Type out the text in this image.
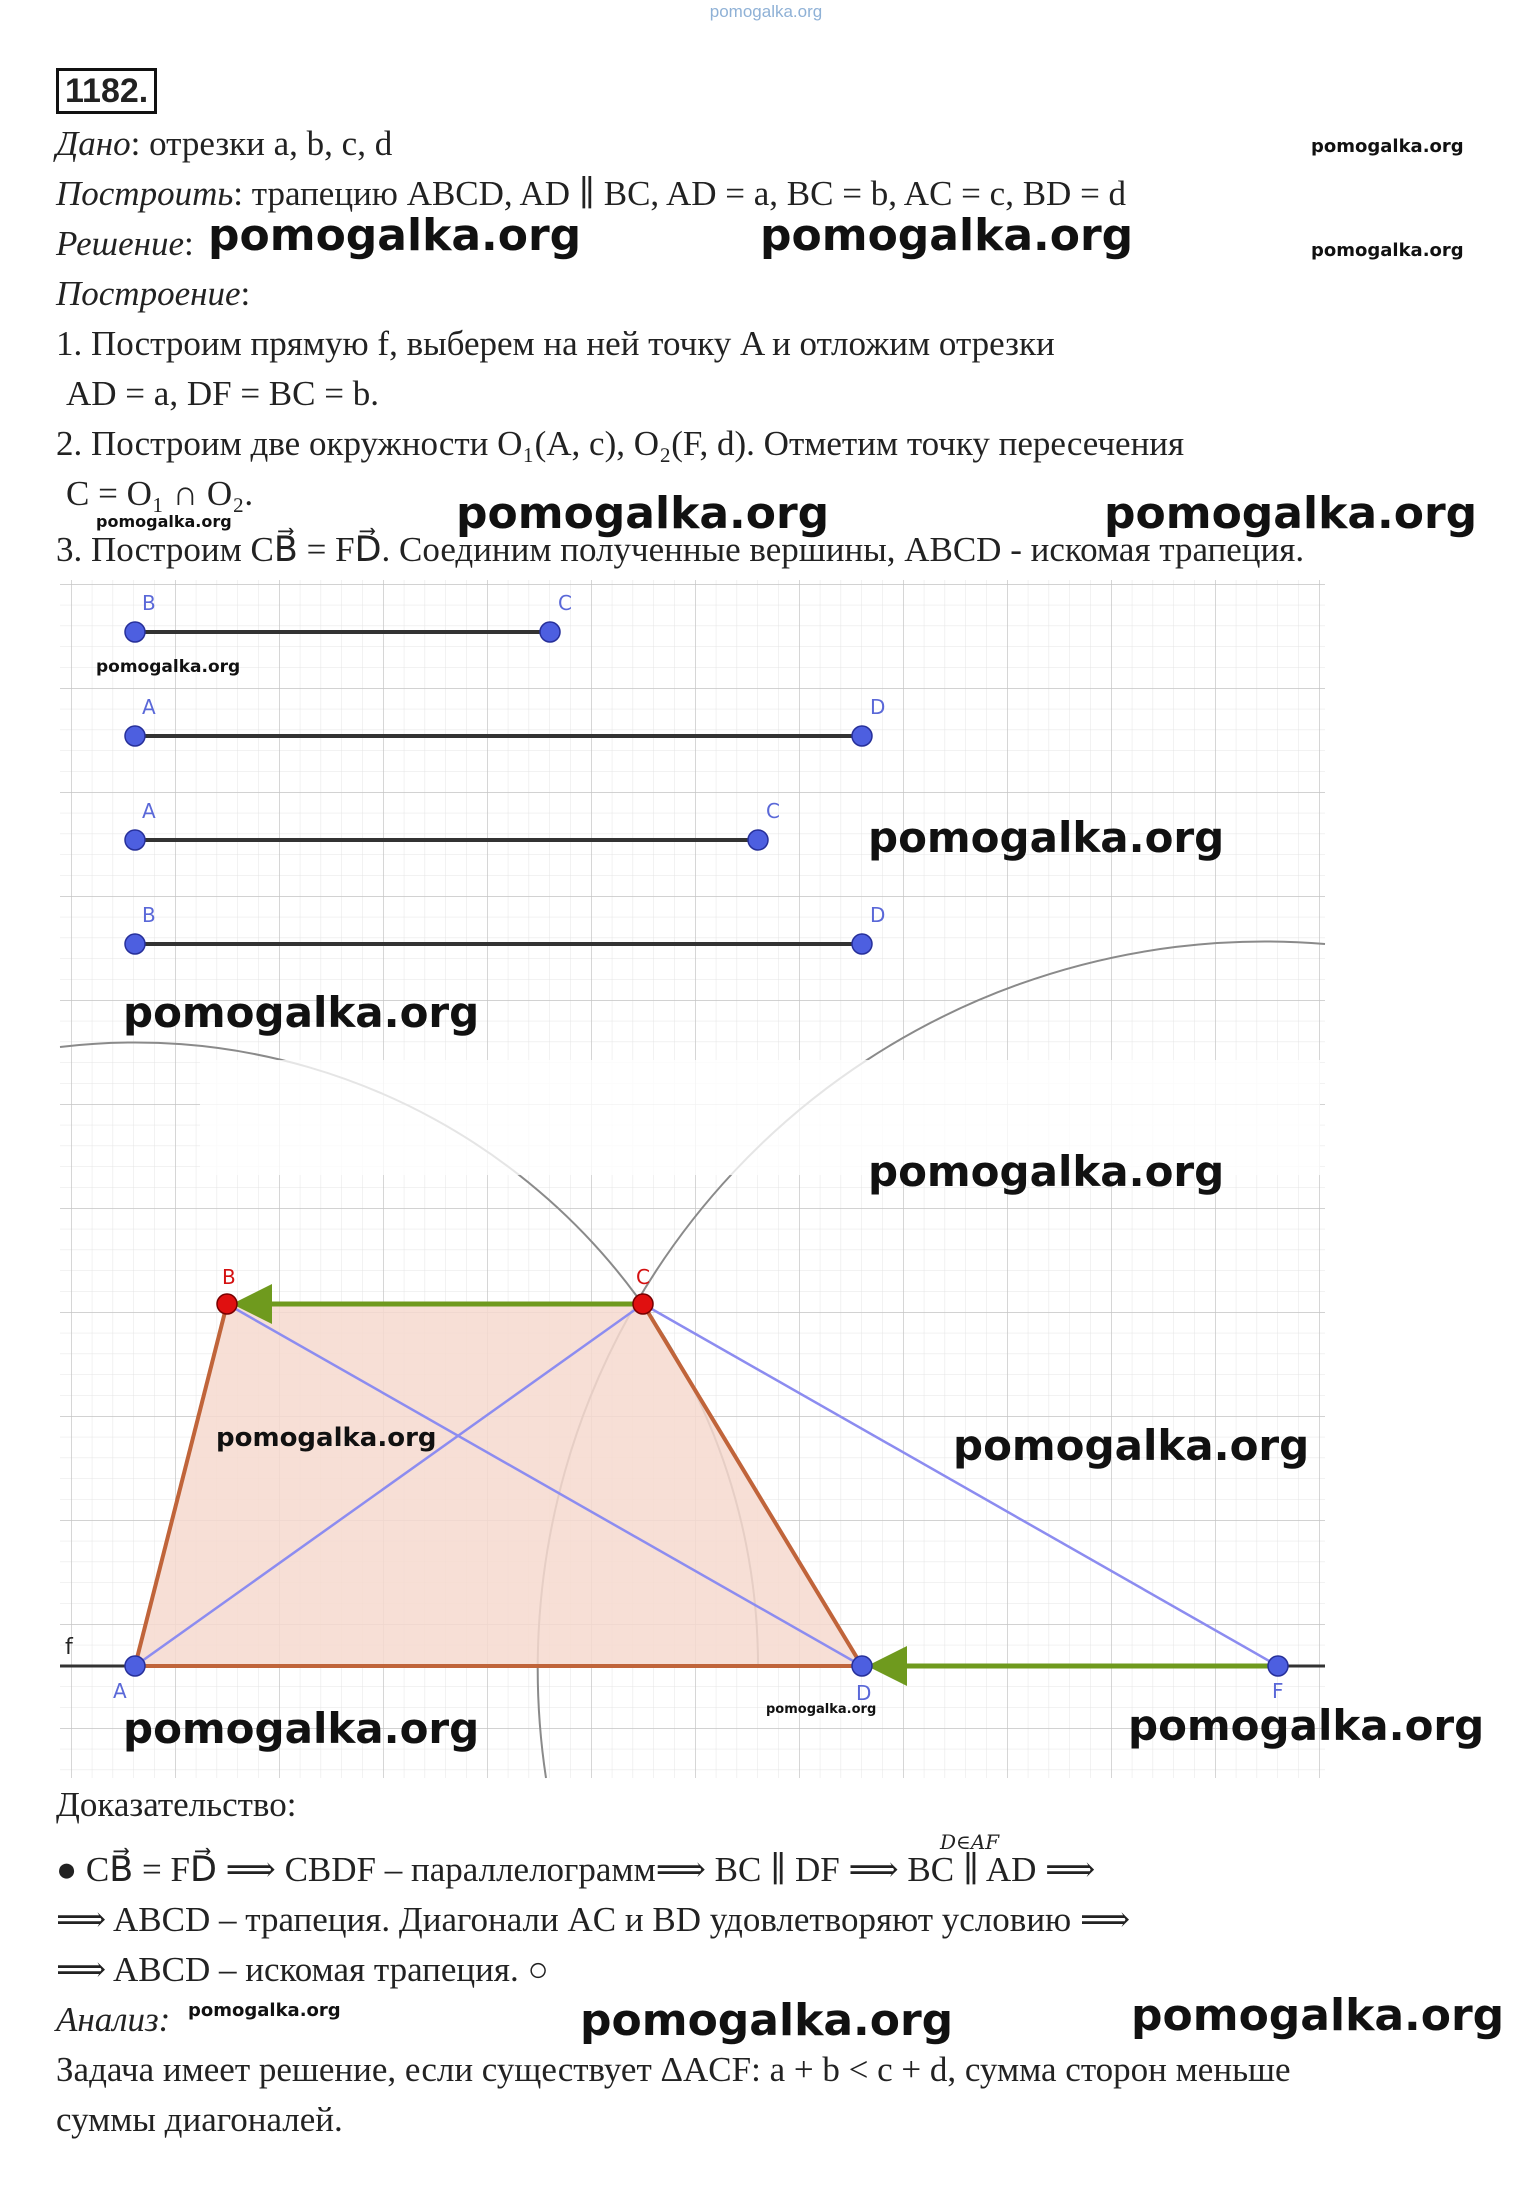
pomogalka.org
1182.
Дано: отрезки a, b, c, d	pomogalka.org
Построить: трапецию ABCD, AD ∥ BC, AD = a, BC = b, AC = c, BD = d
Решение: pomogalka.org	pomogalka.org	pomogalka.org
Построение:
1. Построим прямую f, выберем на ней точку A и отложим отрезки
AD = a, DF = BC = b.
2. Построим две окружности O₁(A, c), O₂(F, d). Отметим точку пересечения
C = O₁ ∩ O₂.
pomogalka.org	pomogalka.org	pomogalka.org
3. Построим CB⃗ = FD⃗. Соединим полученные вершины, ABCD - искомая трапеция.
B	C
A	D
A	C
B	D
B	C
A	D	F
f
pomogalka.org
pomogalka.org
pomogalka.org
pomogalka.org
pomogalka.org	pomogalka.org
pomogalka.org
pomogalka.org	pomogalka.org
Доказательство:
D∈AF
● CB⃗ = FD⃗ ⟹ CBDF – параллелограмм⟹ BC ∥ DF ⟹ BC ∥ AD ⟹
⟹ ABCD – трапеция. Диагонали AC и BD удовлетворяют условию ⟹
⟹ ABCD – искомая трапеция. ○
Анализ: pomogalka.org	pomogalka.org	pomogalka.org
Задача имеет решение, если существует ΔACF: a + b < c + d, сумма сторон меньше
суммы диагоналей.
